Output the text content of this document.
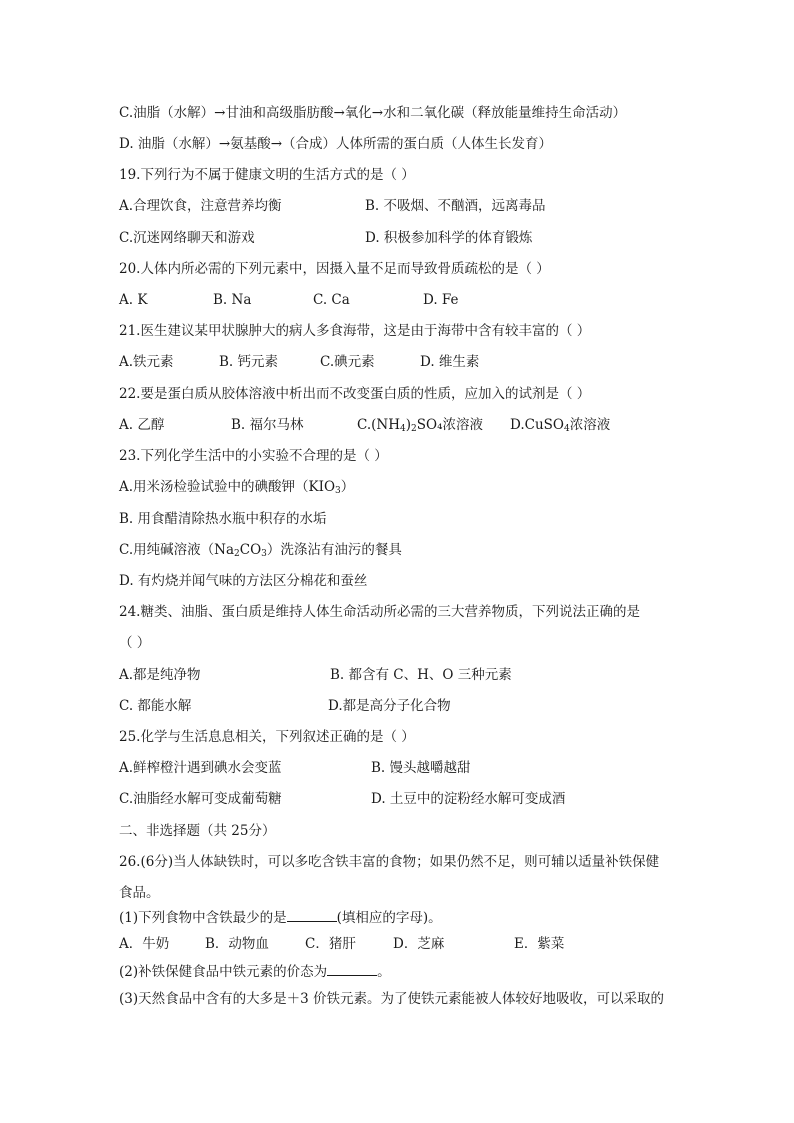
C.油脂（水解）→甘油和高级脂肪酸→氧化→水和二氧化碳（释放能量维持生命活动）
D. 油脂（水解）→氨基酸→（合成）人体所需的蛋白质（人体生长发育）
19.下列行为不属于健康文明的生活方式的是（ ）
A.合理饮食，注意营养均衡	B. 不吸烟、不酗酒，远离毒品
C.沉迷网络聊天和游戏	D. 积极参加科学的体育锻炼
20.人体内所必需的下列元素中，因摄入量不足而导致骨质疏松的是（ ）
A. K	B. Na	C. Ca	D. Fe
21.医生建议某甲状腺肿大的病人多食海带，这是由于海带中含有较丰富的（ ）
A.铁元素	B. 钙元素	C.碘元素	D. 维生素
22.要是蛋白质从胶体溶液中析出而不改变蛋白质的性质，应加入的试剂是（ ）
A. 乙醇	B. 福尔马林	$C.(NH_4)_2SO_4$浓溶液 D.CuSO$_4$浓溶液
23.下列化学生活中的小实验不合理的是（ ）
A.用米汤检验试验中的碘酸钾$(KIO_3)$
B. 用食醋清除热水瓶中积存的水垢
C.用纯碱溶液$(Na_2CO_3)$洗涤沾有油污的餐具
D. 有灼烧并闻气味的方法区分棉花和蚕丝
24.糖类、油脂、蛋白质是维持人体生命活动所必需的三大营养物质，下列说法正确的是
（ ）
A.都是纯净物	B. 都含有 C、H、O 三种元素
C. 都能水解	D.都是高分子化合物
25.化学与生活息息相关，下列叙述正确的是（ ）
A.鲜榨橙汁遇到碘水会变蓝	B. 馒头越嚼越甜
C.油脂经水解可变成葡萄糖	D. 土豆中的淀粉经水解可变成酒
二、非选择题（共 25分）
26.(6分)当人体缺铁时，可以多吃含铁丰富的食物；如果仍然不足，则可辅以适量补铁保健
食品。
(1)下列食物中含铁最少的是	(填相应的字母)。
A．牛奶	B．动物血	C．猪肝	D．芝麻	E．紫菜
(2)补铁保健食品中铁元素的价态为	。
(3)天然食品中含有的大多是＋3 价铁元素。为了使铁元素能被人体较好地吸收，可以采取的
